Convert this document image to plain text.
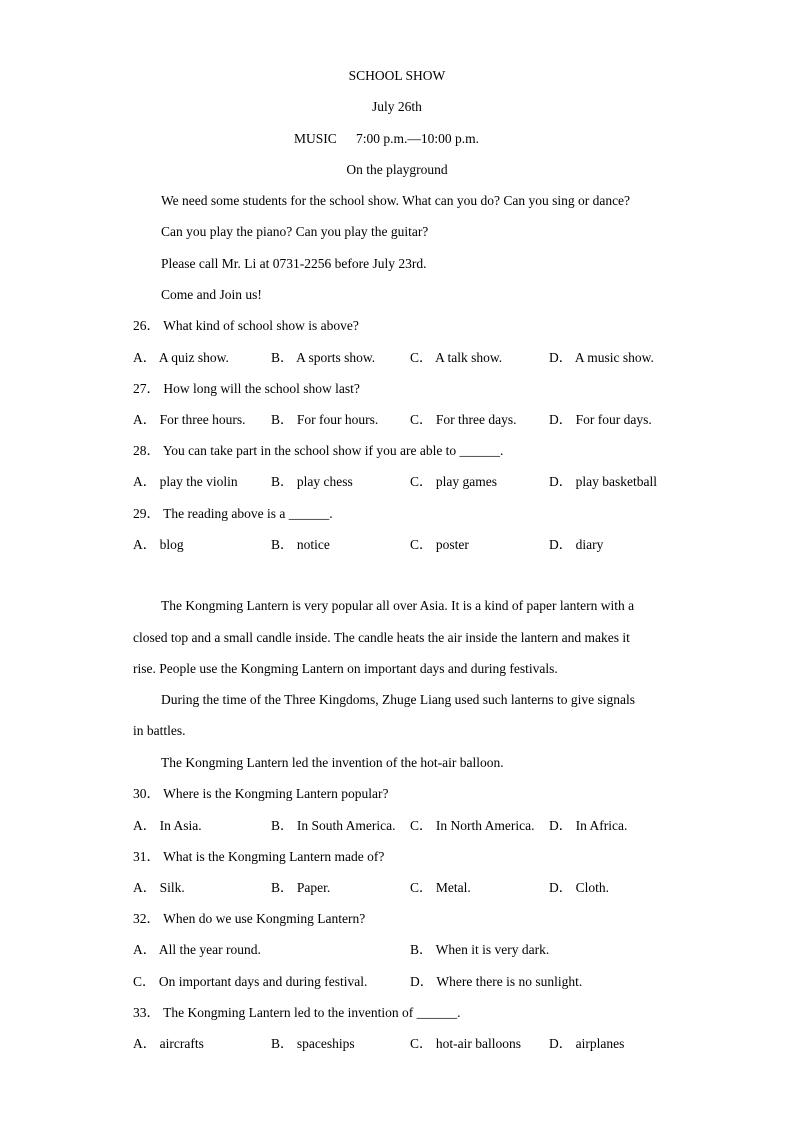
SCHOOL SHOW
July 26th
MUSIC 7:00 p.m.—10:00 p.m.
On the playground
We need some students for the school show. What can you do? Can you sing or dance?
Can you play the piano? Can you play the guitar?
Please call Mr. Li at 0731-2256 before July 23rd.
Come and Join us!
26． What kind of school show is above?
A． A quiz show.	B． A sports show.	C． A talk show.	D． A music show.
27． How long will the school show last?
A． For three hours. B． For four hours. C． For three days. D． For four days.
28． You can take part in the school show if you are able to ______.
A． play the violin B． play chess	C． play games	D． play basketball
29． The reading above is a ______.
A． blog	B． notice	C． poster	D． diary
The Kongming Lantern is very popular all over Asia. It is a kind of paper lantern with a
closed top and a small candle inside. The candle heats the air inside the lantern and makes it
rise. People use the Kongming Lantern on important days and during festivals.
During the time of the Three Kingdoms, Zhuge Liang used such lanterns to give signals
in battles.
The Kongming Lantern led the invention of the hot-air balloon.
30． Where is the Kongming Lantern popular?
A． In Asia.	B． In South America. C． In North America. D． In Africa.
31． What is the Kongming Lantern made of?
A． Silk.	B． Paper.	C． Metal.	D． Cloth.
32． When do we use Kongming Lantern?
A． All the year round.	B． When it is very dark.
C． On important days and during festival.	D． Where there is no sunlight.
33． The Kongming Lantern led to the invention of ______.
A． aircrafts	B． spaceships	C． hot-air balloons D． airplanes
